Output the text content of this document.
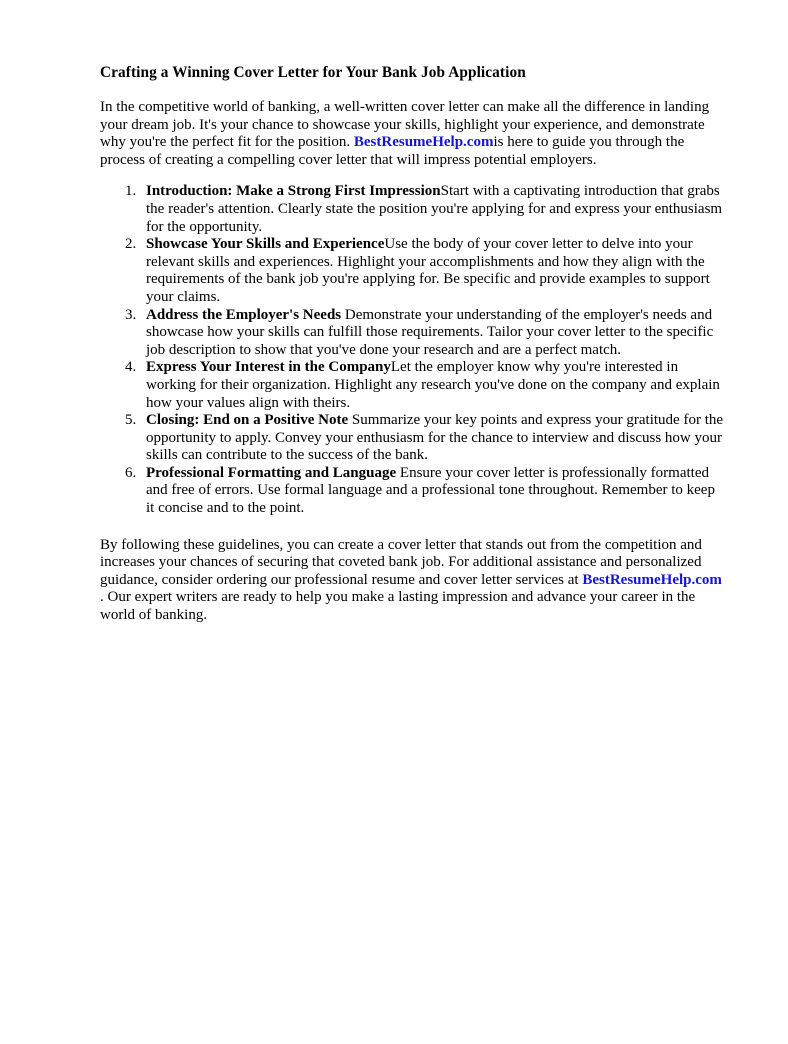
Crafting a Winning Cover Letter for Your Bank Job Application

In the competitive world of banking, a well-written cover letter can make all the difference in landing your dream job. It's your chance to showcase your skills, highlight your experience, and demonstrate why you're the perfect fit for the position. BestResumeHelp.comis here to guide you through the process of creating a compelling cover letter that will impress potential employers.

1. Introduction: Make a Strong First ImpressionStart with a captivating introduction that grabs the reader's attention. Clearly state the position you're applying for and express your enthusiasm for the opportunity.
2. Showcase Your Skills and ExperienceUse the body of your cover letter to delve into your relevant skills and experiences. Highlight your accomplishments and how they align with the requirements of the bank job you're applying for. Be specific and provide examples to support your claims.
3. Address the Employer's Needs Demonstrate your understanding of the employer's needs and showcase how your skills can fulfill those requirements. Tailor your cover letter to the specific job description to show that you've done your research and are a perfect match.
4. Express Your Interest in the CompanyLet the employer know why you're interested in working for their organization. Highlight any research you've done on the company and explain how your values align with theirs.
5. Closing: End on a Positive Note Summarize your key points and express your gratitude for the opportunity to apply. Convey your enthusiasm for the chance to interview and discuss how your skills can contribute to the success of the bank.
6. Professional Formatting and Language Ensure your cover letter is professionally formatted and free of errors. Use formal language and a professional tone throughout. Remember to keep it concise and to the point.

By following these guidelines, you can create a cover letter that stands out from the competition and increases your chances of securing that coveted bank job. For additional assistance and personalized guidance, consider ordering our professional resume and cover letter services at BestResumeHelp.com . Our expert writers are ready to help you make a lasting impression and advance your career in the world of banking.
